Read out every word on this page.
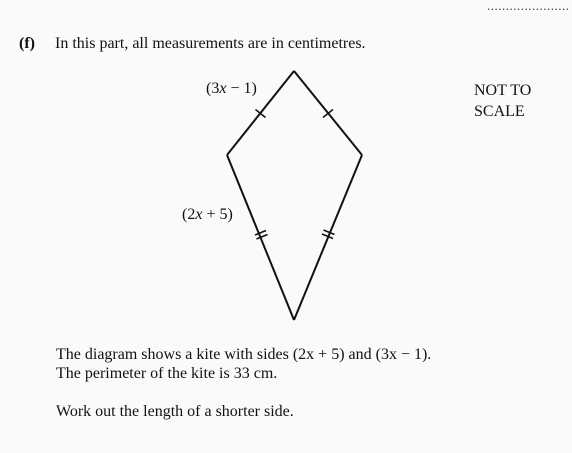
......................
(f) In this part, all measurements are in centimetres.
(3x − 1)
(2x + 5)
NOT TO
SCALE
The diagram shows a kite with sides (2x + 5) and (3x − 1).
The perimeter of the kite is 33 cm.
Work out the length of a shorter side.
